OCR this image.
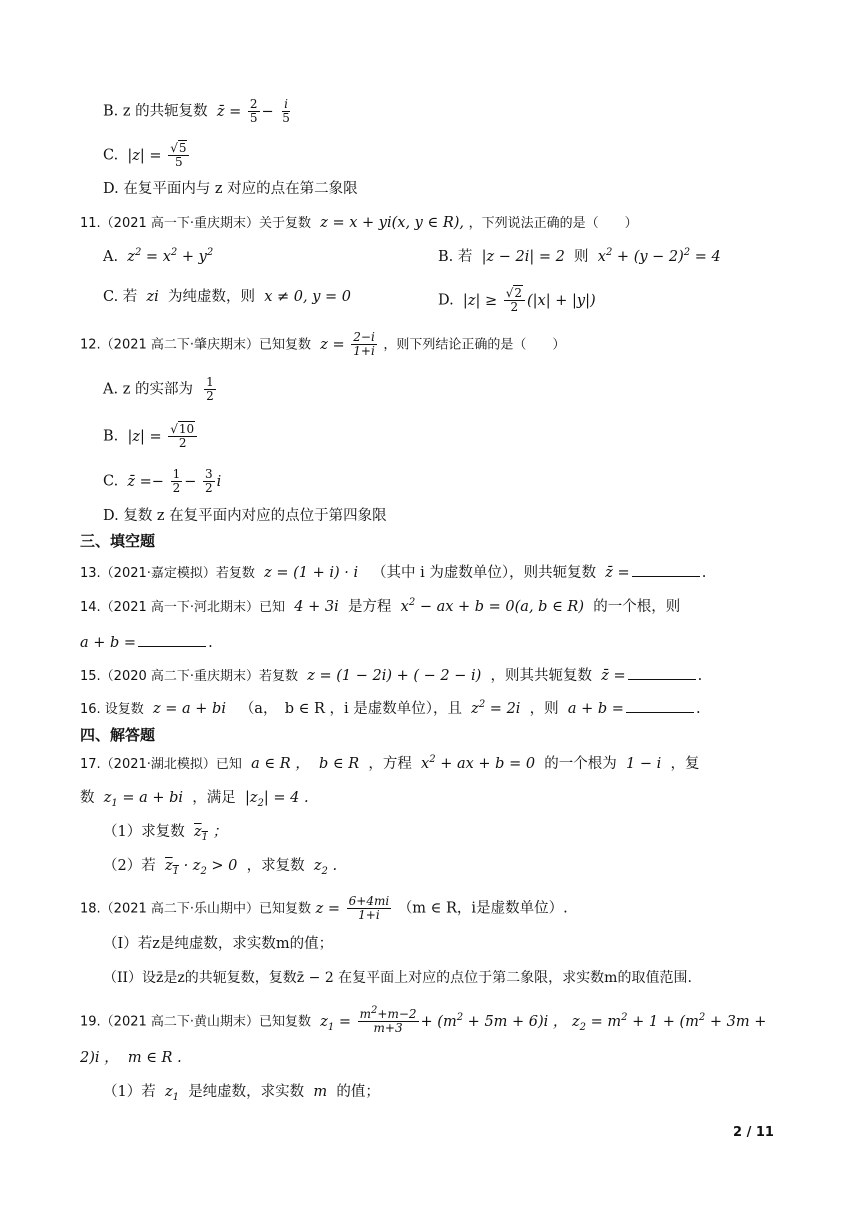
B. z 的共轭复数  z̄ = $\frac{2}{5} - \frac{i}{5}$
C.  $|z| = \frac{√5}{5}$
D. 在复平面内与 z 对应的点在第二象限
11.（2021 高一下·重庆期末）关于复数  z = x + yi(x, y ∈ R), ，下列说法正确的是（　　）
A.  $z^2 = x^2 + y^2$	B. 若  |z − 2i| = 2  则  $x^2 + (y - 2)^2 = 4$
C. 若  zi  为纯虚数，则  x ≠ 0, y = 0	D.  $|z| \ge \frac{√2}{2} (|x| + |y|)$
12.（2021 高二下·肇庆期末）已知复数  $z = \frac{2-i}{1+i}$ ，则下列结论正确的是（　　）
A. z 的实部为 $\frac{1}{2}$
B.  $|z| = \frac{√10}{2}$
C.  z̄ =− $\frac{1}{2} - \frac{3}{2}$ i
D. 复数 z 在复平面内对应的点位于第四象限
三、填空题
13.（2021·嘉定模拟）若复数  z = (1 + i) · i   （其中 i 为虚数单位），则共轭复数  z̄ =	.
14.（2021 高一下·河北期末）已知  4 + 3i  是方程  $x^2$ − ax + b = 0(a, b ∈ R)  的一个根，则
a + b =	.
15.（2020 高二下·重庆期末）若复数  z = (1 − 2i) + ( − 2 − i)  ，则其共轭复数  z̄ =	.
16. 设复数  z = a + bi   （a，　b ∈ R ，i 是虚数单位），且  $z^2 = 2i$  ，则  a + b =	.
四、解答题
17.（2021·湖北模拟）已知  a ∈ R ，  b ∈ R  ，方程  $x^2$ + ax + b = 0  的一个根为  1 − i  ，复
数  $z_1 = a$ + bi  ，满足  $|z_2| = 4$ .
（1）求复数 $z_1$ ；
（2）若 $z_1 \cdot z_2 > 0$  ，求复数  $z_2$ .
18.（2021 高二下·乐山期中）已知复数 $z = \frac{6+4mi}{1+i} (m$ ∈ R，i是虚数单位）.
（I）若z是纯虚数，求实数m的值；
（II）设z̄是z的共轭复数，复数z̄ − 2 在复平面上对应的点位于第二象限，求实数m的取值范围.
19.（2021 高二下·黄山期末）已知复数  $z_1 = \frac{m^2+m-2}{m+3} + (m^2 + 5m + 6)i$ ， $z_2 = m^2 + 1 + (m^2 + 3m$ +
2)i ，  m ∈ R .
（1）若  $z_1$ 是纯虚数，求实数  m  的值；
2 / 11
